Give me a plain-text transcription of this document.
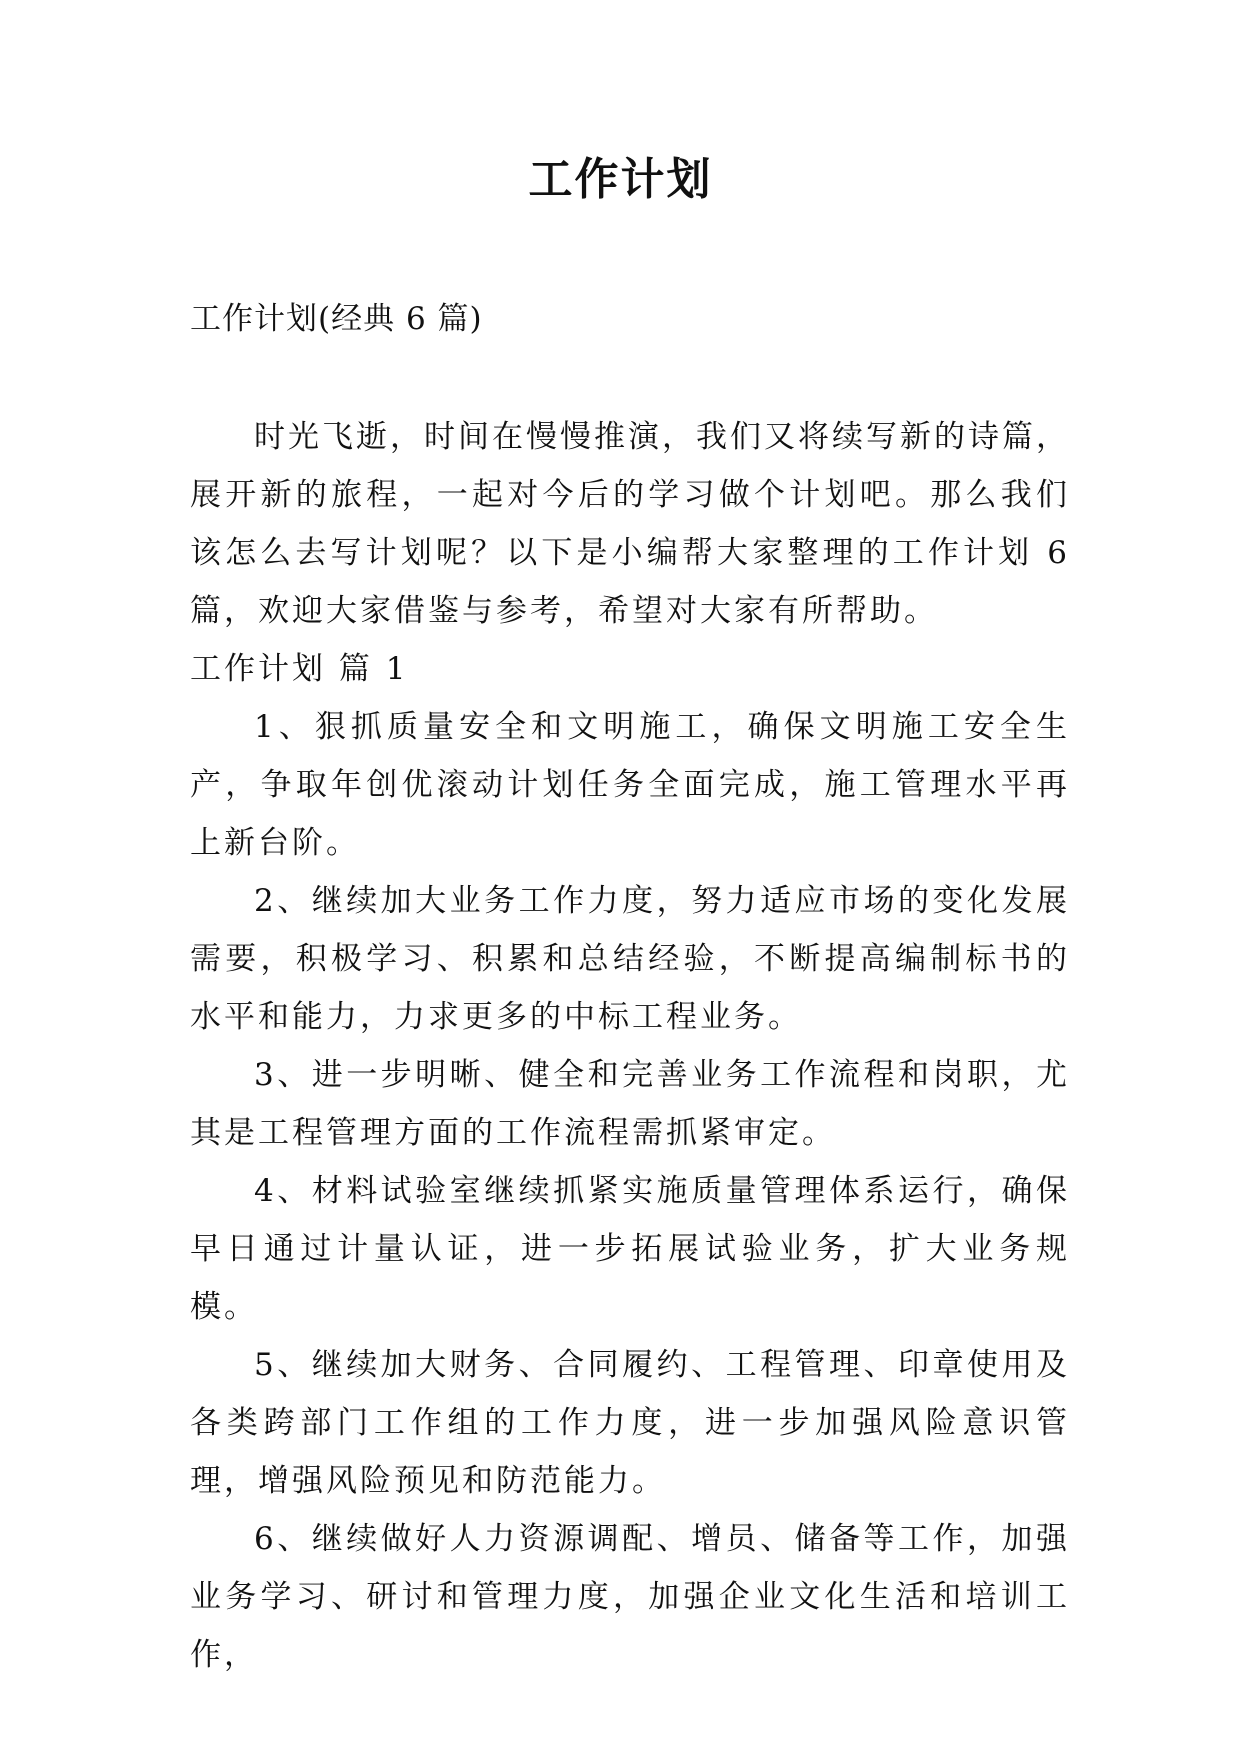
工作计划

工作计划(经典 6 篇)

时光飞逝，时间在慢慢推演，我们又将续写新的诗篇，展开新的旅程，一起对今后的学习做个计划吧。那么我们该怎么去写计划呢？以下是小编帮大家整理的工作计划 6 篇，欢迎大家借鉴与参考，希望对大家有所帮助。

工作计划 篇 1

1、狠抓质量安全和文明施工，确保文明施工安全生产，争取年创优滚动计划任务全面完成，施工管理水平再上新台阶。

2、继续加大业务工作力度，努力适应市场的变化发展需要，积极学习、积累和总结经验，不断提高编制标书的水平和能力，力求更多的中标工程业务。

3、进一步明晰、健全和完善业务工作流程和岗职，尤其是工程管理方面的工作流程需抓紧审定。

4、材料试验室继续抓紧实施质量管理体系运行，确保早日通过计量认证，进一步拓展试验业务，扩大业务规模。

5、继续加大财务、合同履约、工程管理、印章使用及各类跨部门工作组的工作力度，进一步加强风险意识管理，增强风险预见和防范能力。

6、继续做好人力资源调配、增员、储备等工作，加强业务学习、研讨和管理力度，加强企业文化生活和培训工作，
